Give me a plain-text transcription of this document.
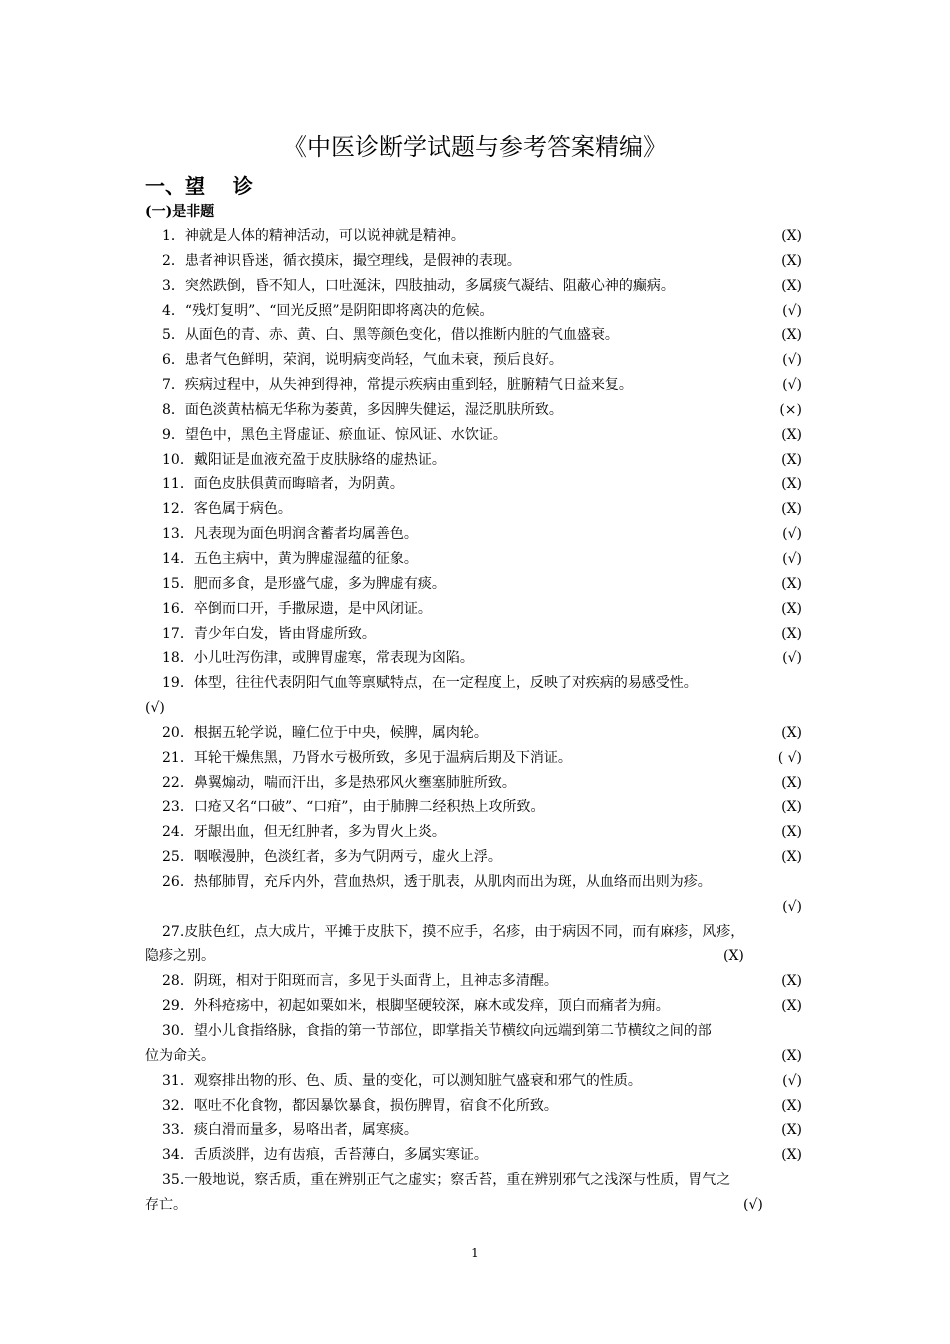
《中医诊断学试题与参考答案精编》
一、望    诊
(一)是非题
1．神就是人体的精神活动，可以说神就是精神。	(X)
2．患者神识昏迷，循衣摸床，撮空理线，是假神的表现。	(X)
3．突然跌倒，昏不知人，口吐涎沫，四肢抽动，多属痰气凝结、阻蔽心神的癫病。	(X)
4．“残灯复明”、“回光反照”是阴阳即将离决的危候。	(√)
5．从面色的青、赤、黄、白、黑等颜色变化，借以推断内脏的气血盛衰。	(X)
6．患者气色鲜明，荣润，说明病变尚轻，气血未衰，预后良好。	(√)
7．疾病过程中，从失神到得神，常提示疾病由重到轻，脏腑精气日益来复。	(√)
8．面色淡黄枯槁无华称为萎黄，多因脾失健运，湿泛肌肤所致。	(×)
9．望色中，黑色主肾虚证、瘀血证、惊风证、水饮证。	(X)
10．戴阳证是血液充盈于皮肤脉络的虚热证。	(X)
11．面色皮肤俱黄而晦暗者，为阴黄。	(X)
12．客色属于病色。	(X)
13．凡表现为面色明润含蓄者均属善色。	(√)
14．五色主病中，黄为脾虚湿蕴的征象。	(√)
15．肥而多食，是形盛气虚，多为脾虚有痰。	(X)
16．卒倒而口开，手撒尿遗，是中风闭证。	(X)
17．青少年白发，皆由肾虚所致。	(X)
18．小儿吐泻伤津，或脾胃虚寒，常表现为囟陷。	(√)
19．体型，往往代表阴阳气血等禀赋特点，在一定程度上，反映了对疾病的易感受性。
(√)
20．根据五轮学说，瞳仁位于中央，候脾，属肉轮。	(X)
21．耳轮干燥焦黑，乃肾水亏极所致，多见于温病后期及下消证。	( √)
22．鼻翼煽动，喘而汗出，多是热邪风火壅塞肺脏所致。	(X)
23．口疮又名“口破”、“口疳”，由于肺脾二经积热上攻所致。	(X)
24．牙龈出血，但无红肿者，多为胃火上炎。	(X)
25．咽喉漫肿，色淡红者，多为气阴两亏，虚火上浮。	(X)
26．热郁肺胃，充斥内外，营血热炽，透于肌表，从肌肉而出为斑，从血络而出则为疹。
(√)
27.皮肤色红，点大成片，平摊于皮肤下，摸不应手，名疹，由于病因不同，而有麻疹，风疹，
隐疹之别。	(X)
28．阴斑，相对于阳斑而言，多见于头面背上，且神志多清醒。	(X)
29．外科疮疡中，初起如粟如米，根脚坚硬较深，麻木或发痒，顶白而痛者为痈。	(X)
30．望小儿食指络脉，食指的第一节部位，即掌指关节横纹向远端到第二节横纹之间的部
位为命关。	(X)
31．观察排出物的形、色、质、量的变化，可以测知脏气盛衰和邪气的性质。	(√)
32．呕吐不化食物，都因暴饮暴食，损伤脾胃，宿食不化所致。	(X)
33．痰白滑而量多，易咯出者，属寒痰。	(X)
34．舌质淡胖，边有齿痕，舌苔薄白，多属实寒证。	(X)
35.一般地说，察舌质，重在辨别正气之虚实；察舌苔，重在辨别邪气之浅深与性质，胃气之
存亡。	(√)
1
